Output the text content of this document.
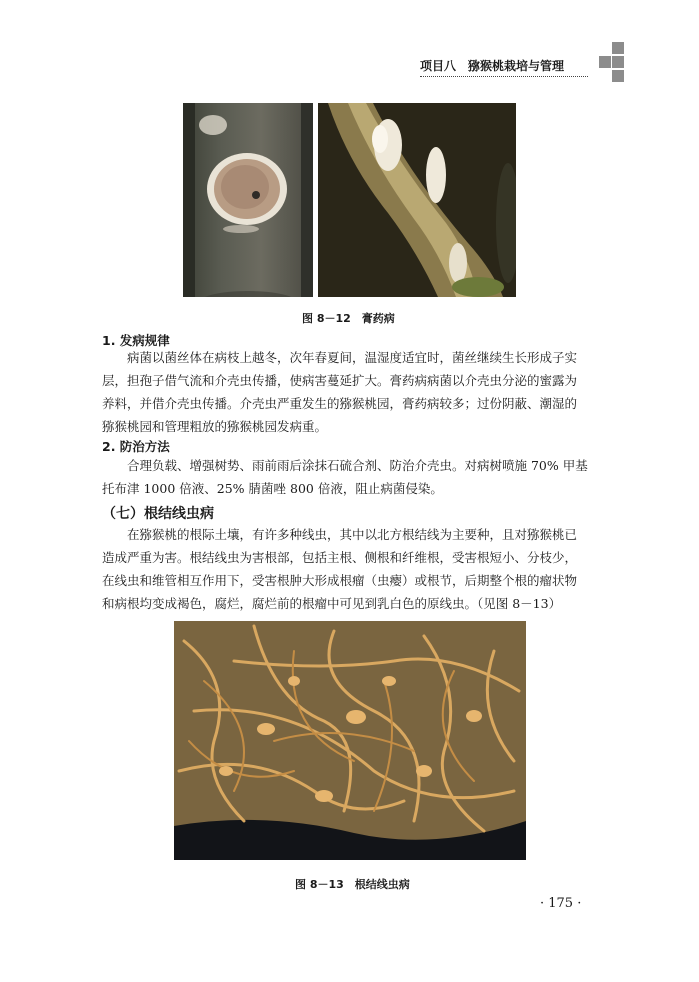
项目八　猕猴桃栽培与管理
图 8－12　膏药病
1. 发病规律

病菌以菌丝体在病枝上越冬，次年春夏间，温湿度适宜时，菌丝继续生长形成子实层，担孢子借气流和介壳虫传播，使病害蔓延扩大。膏药病病菌以介壳虫分泌的蜜露为养料，并借介壳虫传播。介壳虫严重发生的猕猴桃园，膏药病较多；过份阴蔽、潮湿的猕猴桃园和管理粗放的猕猴桃园发病重。

2. 防治方法

合理负载、增强树势、雨前雨后涂抹石硫合剂、防治介壳虫。对病树喷施 70% 甲基托布津 1000 倍液、25% 腈菌唑 800 倍液，阻止病菌侵染。

（七）根结线虫病

在猕猴桃的根际土壤，有许多种线虫，其中以北方根结线为主要种，且对猕猴桃已造成严重为害。根结线虫为害根部，包括主根、侧根和纤维根，受害根短小、分枝少，在线虫和维管相互作用下，受害根肿大形成根瘤（虫瘿）或根节，后期整个根的瘤状物和病根均变成褐色，腐烂，腐烂前的根瘤中可见到乳白色的原线虫。（见图 8－13）

图 8－13　根结线虫病
· 175 ·
